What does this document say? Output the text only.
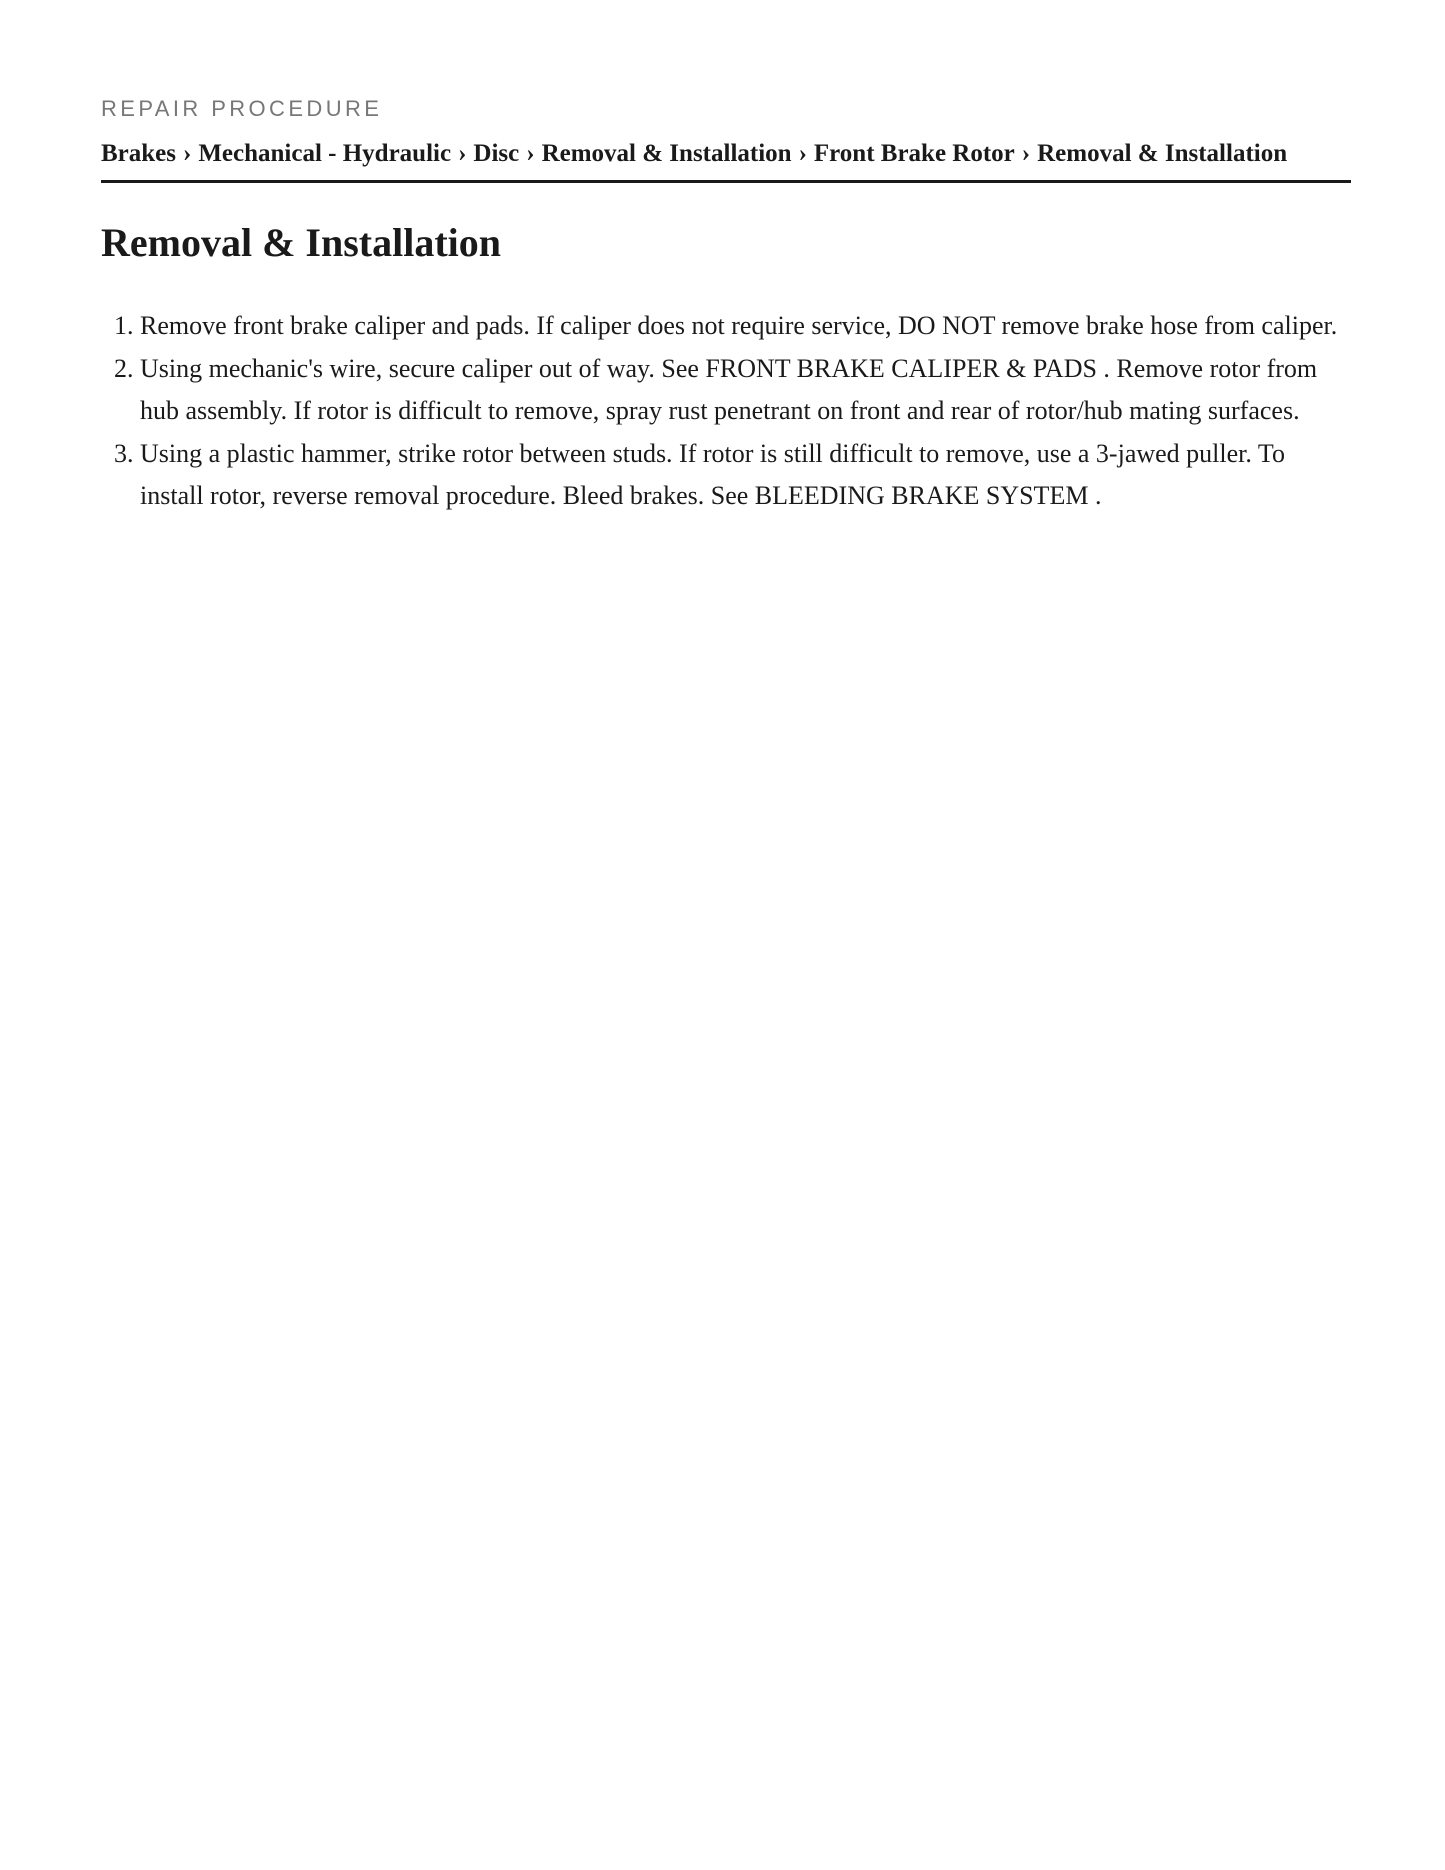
REPAIR PROCEDURE
Brakes › Mechanical - Hydraulic › Disc › Removal & Installation › Front Brake Rotor › Removal & Installation
Removal & Installation
1. Remove front brake caliper and pads. If caliper does not require service, DO NOT remove brake hose from caliper.
2. Using mechanic's wire, secure caliper out of way. See FRONT BRAKE CALIPER & PADS . Remove rotor from hub assembly. If rotor is difficult to remove, spray rust penetrant on front and rear of rotor/hub mating surfaces.
3. Using a plastic hammer, strike rotor between studs. If rotor is still difficult to remove, use a 3-jawed puller. To install rotor, reverse removal procedure. Bleed brakes. See BLEEDING BRAKE SYSTEM .
